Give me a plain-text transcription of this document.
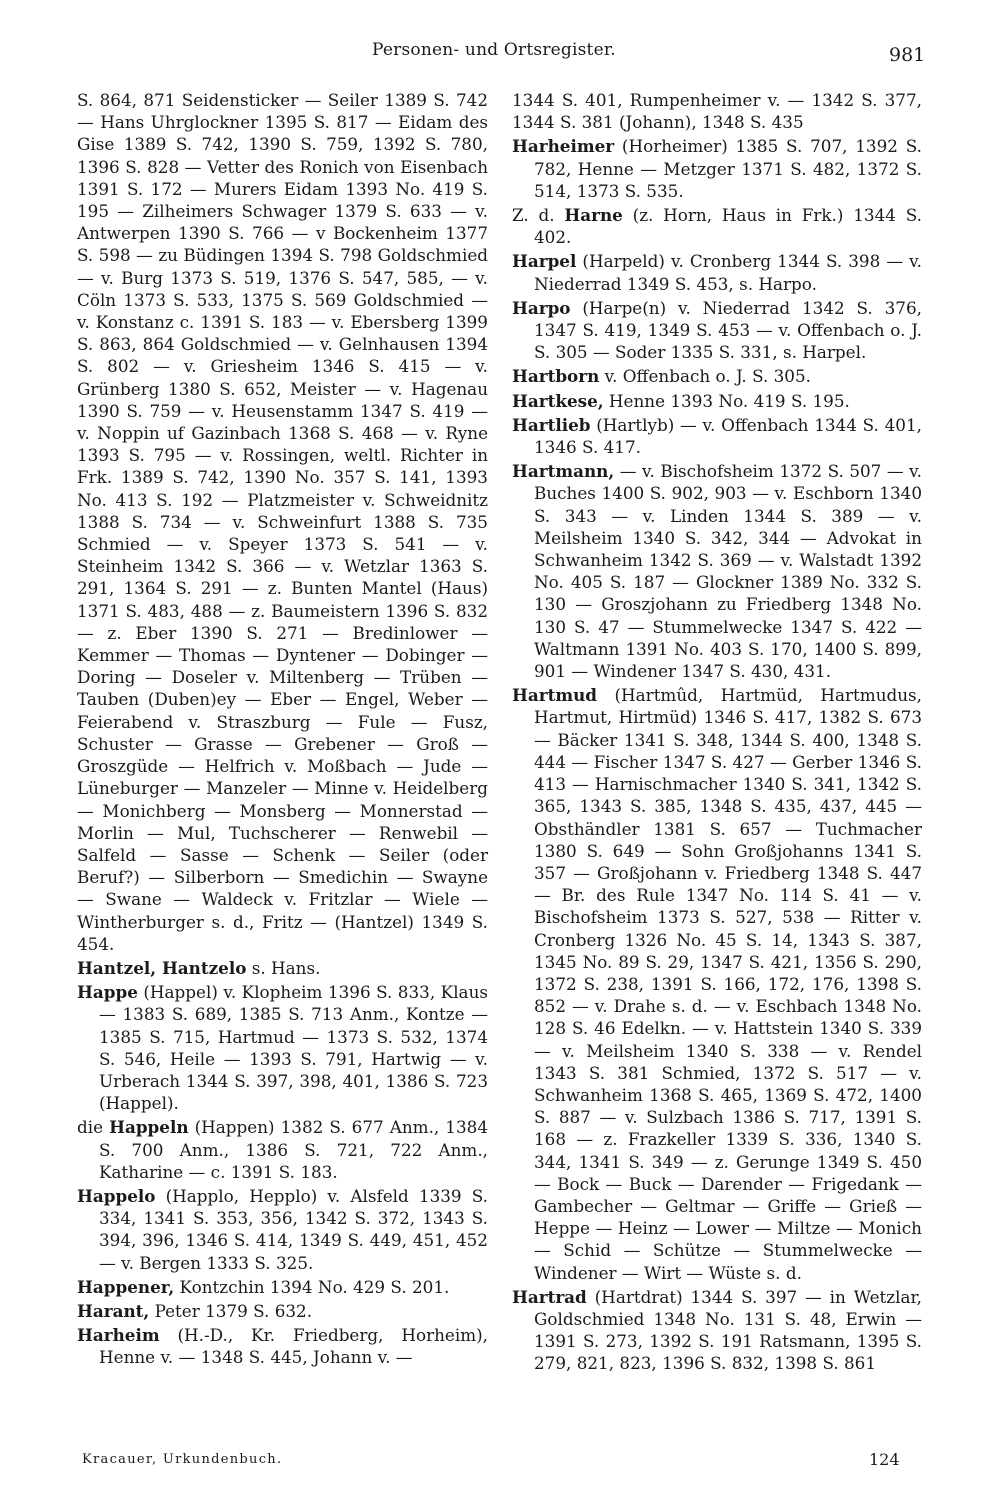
Personen- und Ortsregister.	981

S. 864, 871 Seidensticker — Seiler 1389 S. 742 — Hans Uhrglockner 1395 S. 817 — Eidam des Gise 1389 S. 742, 1390 S. 759, 1392 S. 780, 1396 S. 828 — Vetter des Ronich von Eisenbach 1391 S. 172 — Murers Eidam 1393 No. 419 S. 195 — Zilheimers Schwager 1379 S. 633 — v. Antwerpen 1390 S. 766 — v Bockenheim 1377 S. 598 — zu Büdingen 1394 S. 798 Goldschmied — v. Burg 1373 S. 519, 1376 S. 547, 585, — v. Cöln 1373 S. 533, 1375 S. 569 Goldschmied — v. Konstanz c. 1391 S. 183 — v. Ebersberg 1399 S. 863, 864 Goldschmied — v. Gelnhausen 1394 S. 802 — v. Griesheim 1346 S. 415 — v. Grünberg 1380 S. 652, Meister — v. Hagenau 1390 S. 759 — v. Heusenstamm 1347 S. 419 — v. Noppin uf Gazinbach 1368 S. 468 — v. Ryne 1393 S. 795 — v. Rossingen, weltl. Richter in Frk. 1389 S. 742, 1390 No. 357 S. 141, 1393 No. 413 S. 192 — Platzmeister v. Schweidnitz 1388 S. 734 — v. Schweinfurt 1388 S. 735 Schmied — v. Speyer 1373 S. 541 — v. Steinheim 1342 S. 366 — v. Wetzlar 1363 S. 291, 1364 S. 291 — z. Bunten Mantel (Haus) 1371 S. 483, 488 — z. Baumeistern 1396 S. 832 — z. Eber 1390 S. 271 — Bredinlower — Kemmer — Thomas — Dyntener — Dobinger — Doring — Doseler v. Miltenberg — Trüben — Tauben (Duben)ey — Eber — Engel, Weber — Feierabend v. Straszburg — Fule — Fusz, Schuster — Grasse — Grebener — Groß — Groszgüde — Helfrich v. Moßbach — Jude — Lüneburger — Manzeler — Minne v. Heidelberg — Monichberg — Monsberg — Monnerstad — Morlin — Mul, Tuchscherer — Renwebil — Salfeld — Sasse — Schenk — Seiler (oder Beruf?) — Silberborn — Smedichin — Swayne — Swane — Waldeck v. Fritzlar — Wiele — Wintherburger s. d., Fritz — (Hantzel) 1349 S. 454.

Hantzel, Hantzelo s. Hans.

Happe (Happel) v. Klopheim 1396 S. 833, Klaus — 1383 S. 689, 1385 S. 713 Anm., Kontze — 1385 S. 715, Hartmud — 1373 S. 532, 1374 S. 546, Heile — 1393 S. 791, Hartwig — v. Urberach 1344 S. 397, 398, 401, 1386 S. 723 (Happel).

die Happeln (Happen) 1382 S. 677 Anm., 1384 S. 700 Anm., 1386 S. 721, 722 Anm., Katharine — c. 1391 S. 183.

Happelo (Happlo, Hepplo) v. Alsfeld 1339 S. 334, 1341 S. 353, 356, 1342 S. 372, 1343 S. 394, 396, 1346 S. 414, 1349 S. 449, 451, 452 — v. Bergen 1333 S. 325.

Happener, Kontzchin 1394 No. 429 S. 201.

Harant, Peter 1379 S. 632.

Harheim (H.-D., Kr. Friedberg, Horheim), Henne v. — 1348 S. 445, Johann v. —

1344 S. 401, Rumpenheimer v. — 1342 S. 377, 1344 S. 381 (Johann), 1348 S. 435

Harheimer (Horheimer) 1385 S. 707, 1392 S. 782, Henne — Metzger 1371 S. 482, 1372 S. 514, 1373 S. 535.

Z. d. Harne (z. Horn, Haus in Frk.) 1344 S. 402.

Harpel (Harpeld) v. Cronberg 1344 S. 398 — v. Niederrad 1349 S. 453, s. Harpo.

Harpo (Harpe(n) v. Niederrad 1342 S. 376, 1347 S. 419, 1349 S. 453 — v. Offenbach o. J. S. 305 — Soder 1335 S. 331, s. Harpel.

Hartborn v. Offenbach o. J. S. 305.

Hartkese, Henne 1393 No. 419 S. 195.

Hartlieb (Hartlyb) — v. Offenbach 1344 S. 401, 1346 S. 417.

Hartmann, — v. Bischofsheim 1372 S. 507 — v. Buches 1400 S. 902, 903 — v. Eschborn 1340 S. 343 — v. Linden 1344 S. 389 — v. Meilsheim 1340 S. 342, 344 — Advokat in Schwanheim 1342 S. 369 — v. Walstadt 1392 No. 405 S. 187 — Glockner 1389 No. 332 S. 130 — Groszjohann zu Friedberg 1348 No. 130 S. 47 — Stummelwecke 1347 S. 422 — Waltmann 1391 No. 403 S. 170, 1400 S. 899, 901 — Windener 1347 S. 430, 431.

Hartmud (Hartmûd, Hartmüd, Hartmudus, Hartmut, Hirtmüd) 1346 S. 417, 1382 S. 673 — Bäcker 1341 S. 348, 1344 S. 400, 1348 S. 444 — Fischer 1347 S. 427 — Gerber 1346 S. 413 — Harnischmacher 1340 S. 341, 1342 S. 365, 1343 S. 385, 1348 S. 435, 437, 445 — Obsthändler 1381 S. 657 — Tuchmacher 1380 S. 649 — Sohn Großjohanns 1341 S. 357 — Großjohann v. Friedberg 1348 S. 447 — Br. des Rule 1347 No. 114 S. 41 — v. Bischofsheim 1373 S. 527, 538 — Ritter v. Cronberg 1326 No. 45 S. 14, 1343 S. 387, 1345 No. 89 S. 29, 1347 S. 421, 1356 S. 290, 1372 S. 238, 1391 S. 166, 172, 176, 1398 S. 852 — v. Drahe s. d. — v. Eschbach 1348 No. 128 S. 46 Edelkn. — v. Hattstein 1340 S. 339 — v. Meilsheim 1340 S. 338 — v. Rendel 1343 S. 381 Schmied, 1372 S. 517 — v. Schwanheim 1368 S. 465, 1369 S. 472, 1400 S. 887 — v. Sulzbach 1386 S. 717, 1391 S. 168 — z. Frazkeller 1339 S. 336, 1340 S. 344, 1341 S. 349 — z. Gerunge 1349 S. 450 — Bock — Buck — Darender — Frigedank — Gambecher — Geltmar — Griffe — Grieß — Heppe — Heinz — Lower — Miltze — Monich — Schid — Schütze — Stummelwecke — Windener — Wirt — Wüste s. d.

Hartrad (Hartdrat) 1344 S. 397 — in Wetzlar, Goldschmied 1348 No. 131 S. 48, Erwin — 1391 S. 273, 1392 S. 191 Ratsmann, 1395 S. 279, 821, 823, 1396 S. 832, 1398 S. 861

Kracauer, Urkundenbuch.	124
